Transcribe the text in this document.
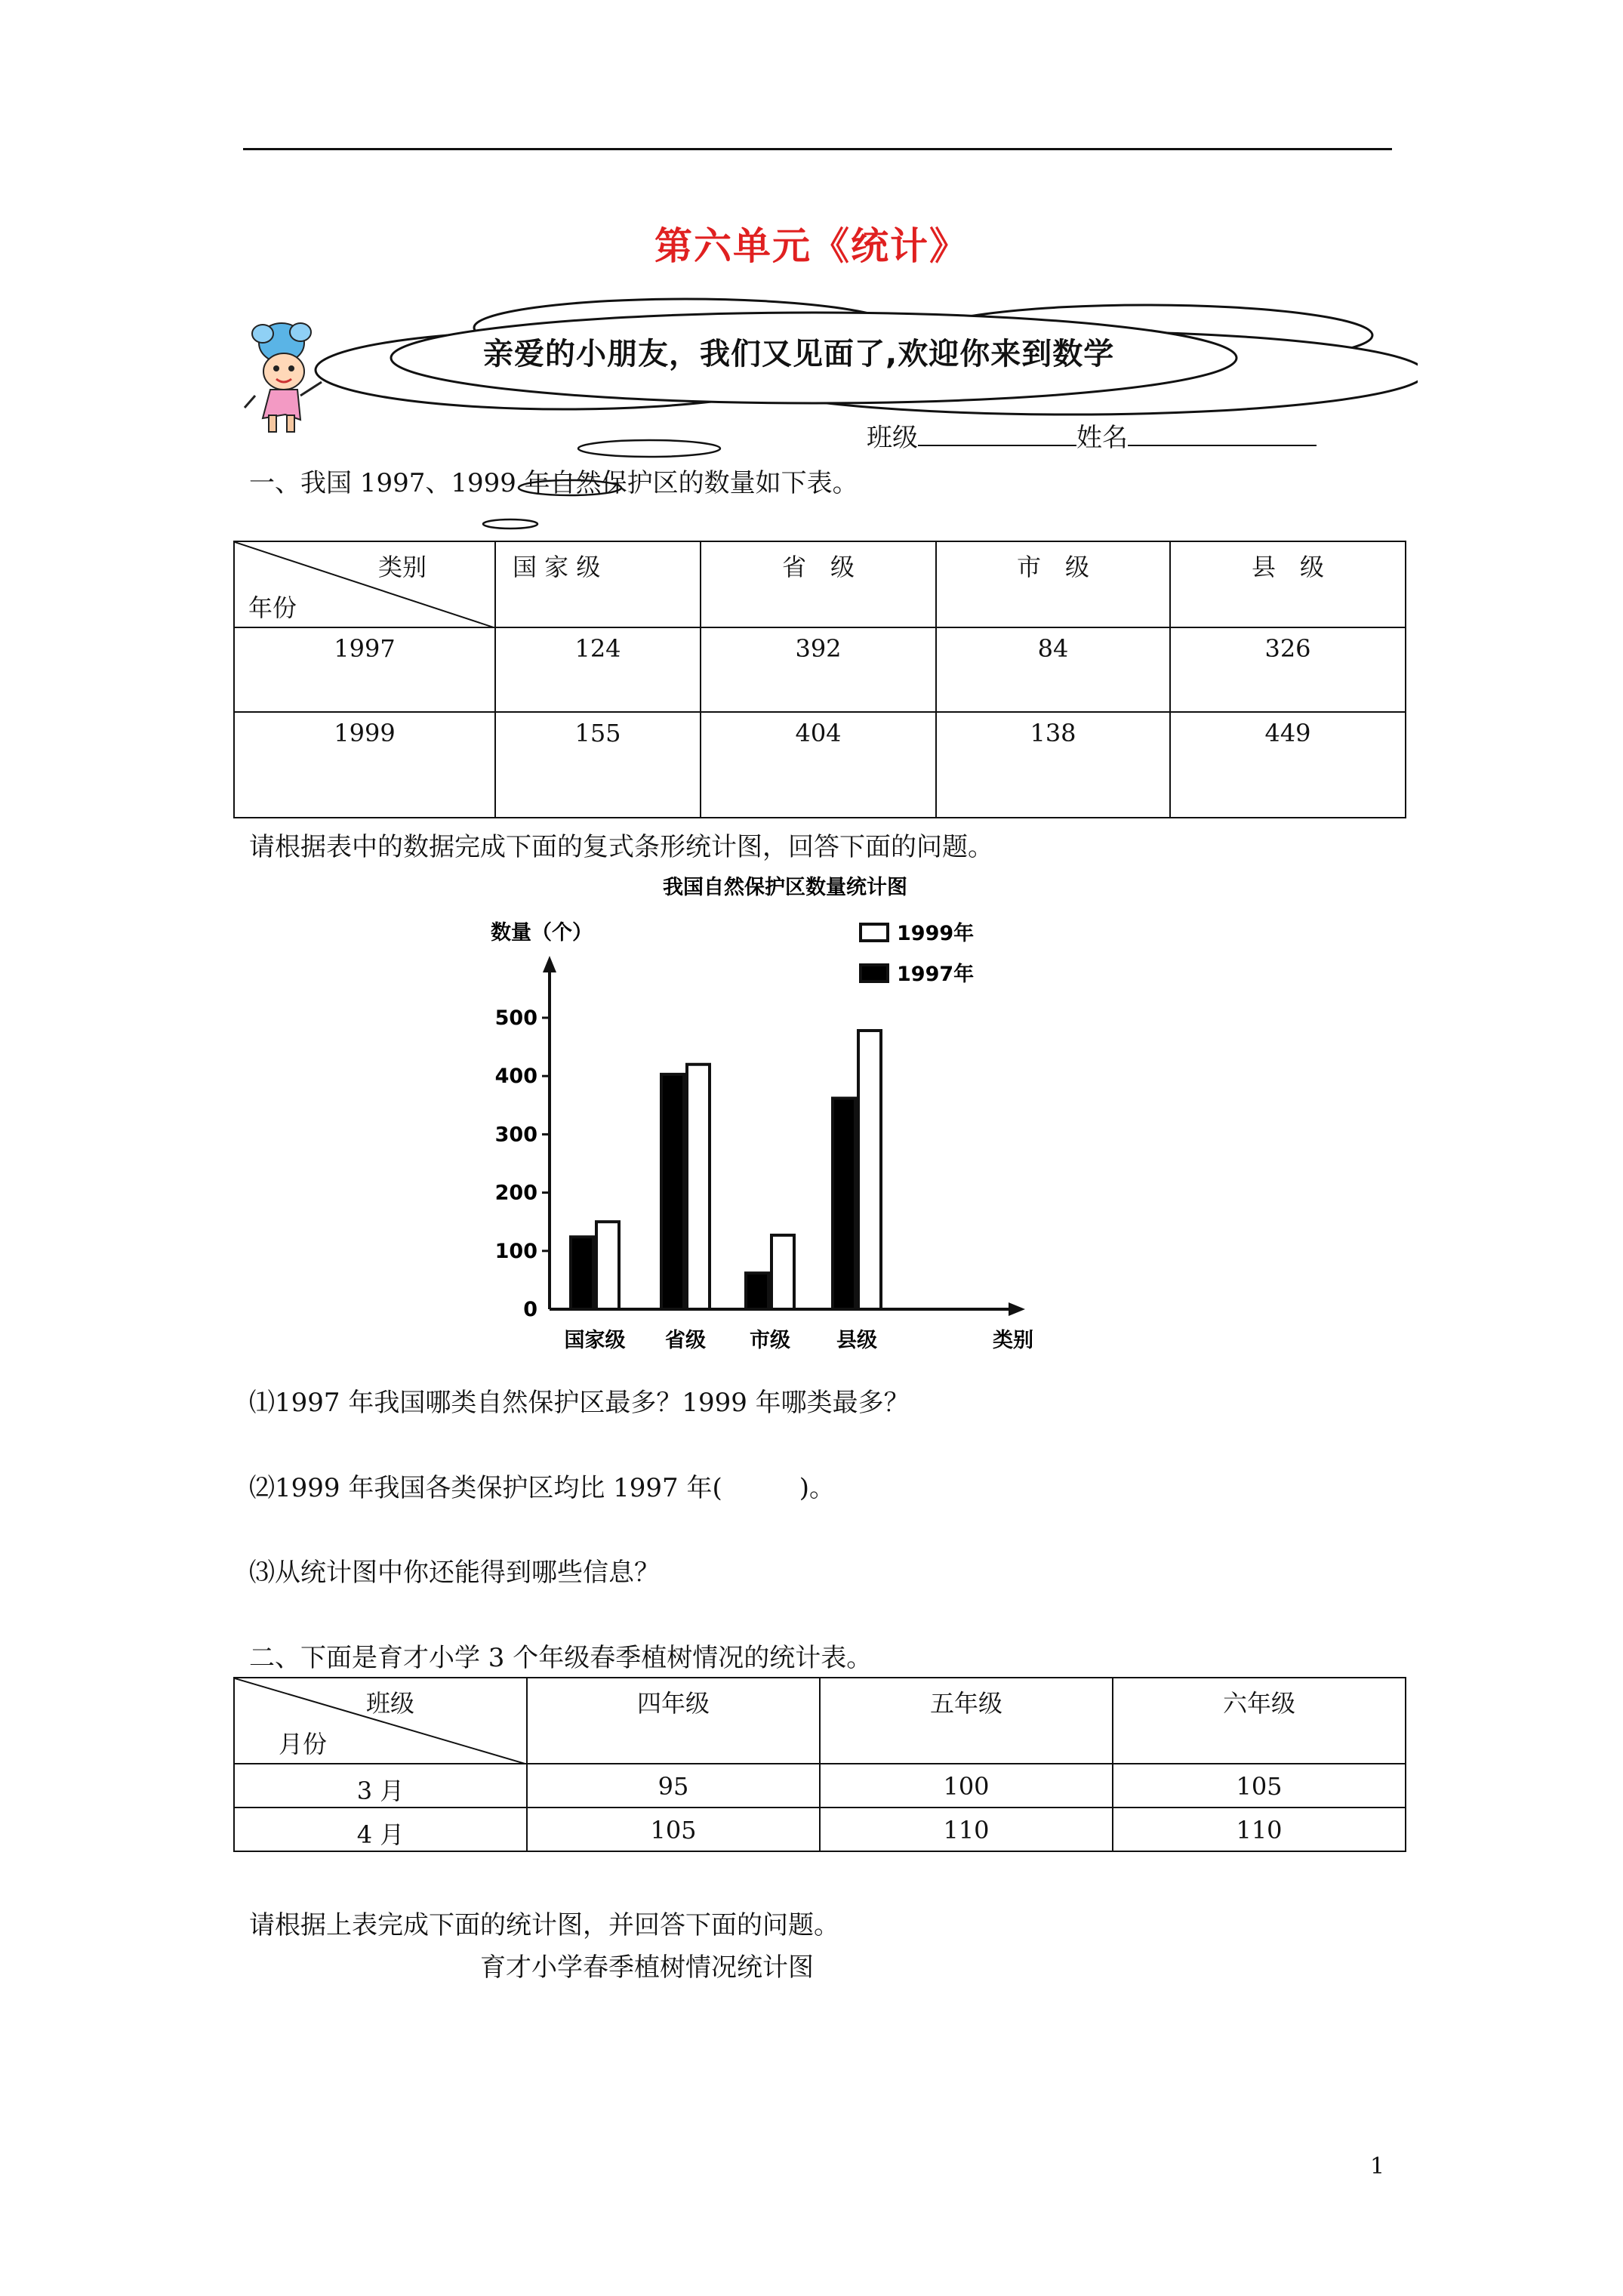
第六单元《统计》
亲爱的小朋友，我们又见面了,欢迎你来到数学
班级	姓名
一、我国 1997、1999 年自然保护区的数量如下表。
类别
年份	国 家 级	省　级	市　级	县　级
1997	124	392	84	326
1999	155	404	138	449
请根据表中的数据完成下面的复式条形统计图，回答下面的问题。
我国自然保护区数量统计图
数量（个）	1999年
1997年
0
100
200
300
400
500
国家级 省级 市级 县级	类别
⑴1997 年我国哪类自然保护区最多？1999 年哪类最多？
⑵1999 年我国各类保护区均比 1997 年(　　　)。
⑶从统计图中你还能得到哪些信息？
二、下面是育才小学 3 个年级春季植树情况的统计表。
班级
月份	四年级	五年级	六年级
3 月	95	100	105
4 月	105	110	110
请根据上表完成下面的统计图，并回答下面的问题。
育才小学春季植树情况统计图
1
